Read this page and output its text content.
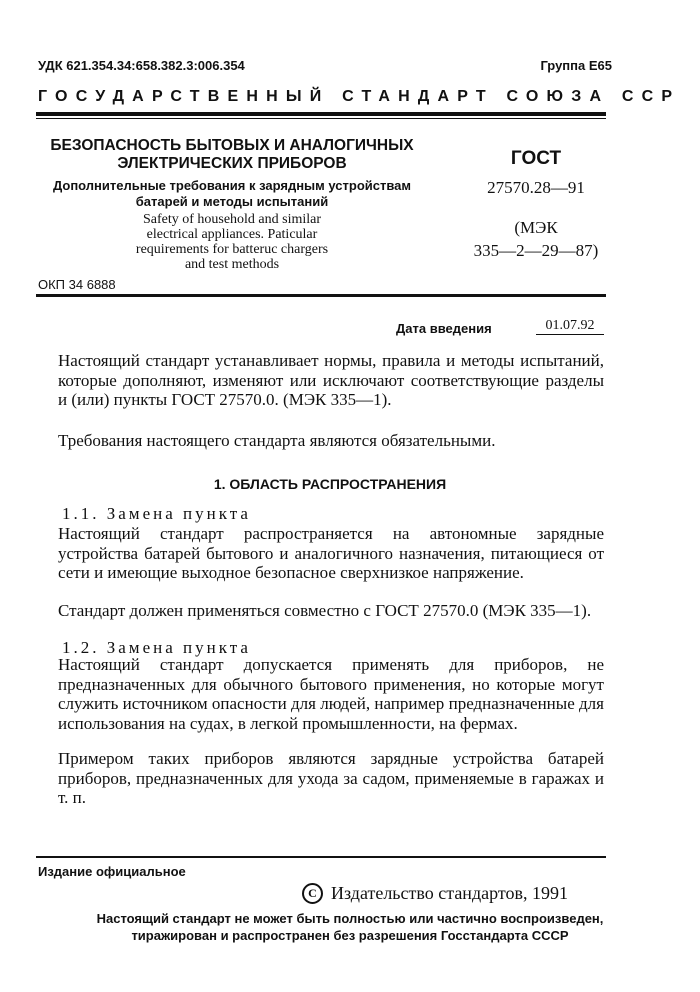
УДК 621.354.34:658.382.3:006.354	Группа Е65
ГОСУДАРСТВЕННЫЙ СТАНДАРТ СОЮЗА ССР
БЕЗОПАСНОСТЬ БЫТОВЫХ И АНАЛОГИЧНЫХ
ЭЛЕКТРИЧЕСКИХ ПРИБОРОВ
Дополнительные требования к зарядным устройствам
батарей и методы испытаний
Safety of household and similar
electrical appliances. Paticular
requirements for batteruc chargers
and test methods
ОКП 34 6888
ГОСТ
27570.28—91
(МЭК
335—2—29—87)
Дата введения	01.07.92
Настоящий стандарт устанавливает нормы, правила и методы испытаний, которые дополняют, изменяют или исключают соответствующие разделы и (или) пункты ГОСТ 27570.0. (МЭК 335—1).
Требования настоящего стандарта являются обязательными.
1. ОБЛАСТЬ РАСПРОСТРАНЕНИЯ
1.1. Замена пункта
Настоящий стандарт распространяется на автономные зарядные устройства батарей бытового и аналогичного назначения, питающиеся от сети и имеющие выходное безопасное сверхнизкое напряжение.
Стандарт должен применяться совместно с ГОСТ 27570.0 (МЭК 335—1).
1.2. Замена пункта
Настоящий стандарт допускается применять для приборов, не предназначенных для обычного бытового применения, но которые могут служить источником опасности для людей, например предназначенные для использования на судах, в легкой промышленности, на фермах.
Примером таких приборов являются зарядные устройства батарей приборов, предназначенных для ухода за садом, применяемые в гаражах и т. п.
Издание официальное
C Издательство стандартов, 1991
Настоящий стандарт не может быть полностью или частично воспроизведен,
тиражирован и распространен без разрешения Госстандарта СССР
